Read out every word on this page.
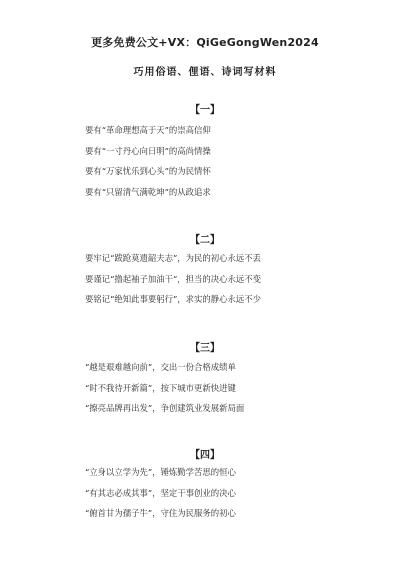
更多免费公文+VX：QiGeGongWen2024
巧用俗语、俚语、诗词写材料
【一】
要有“革命理想高于天”的崇高信仰
要有“一寸丹心向日明”的高尚情操
要有“万家忧乐到心头”的为民情怀
要有“只留清气满乾坤”的从政追求
【二】
要牢记“跋跄莫遗韶夫志”，为民的初心永远不丢
要谨记“撸起袖子加油干”，担当的决心永远不变
要铭记“绝知此事要躬行”，求实的静心永远不少
【三】
“越是艰难越向前”，交出一份合格成绩单
“时不我待开新篇”，按下城市更新快进键
“擦亮品牌再出发”，争创建筑业发展新局面
【四】
“立身以立学为先”，锤炼勤学苦思的恒心
“有其志必成其事”，坚定干事创业的决心
“俯首甘为孺子牛”，守住为民服务的初心
